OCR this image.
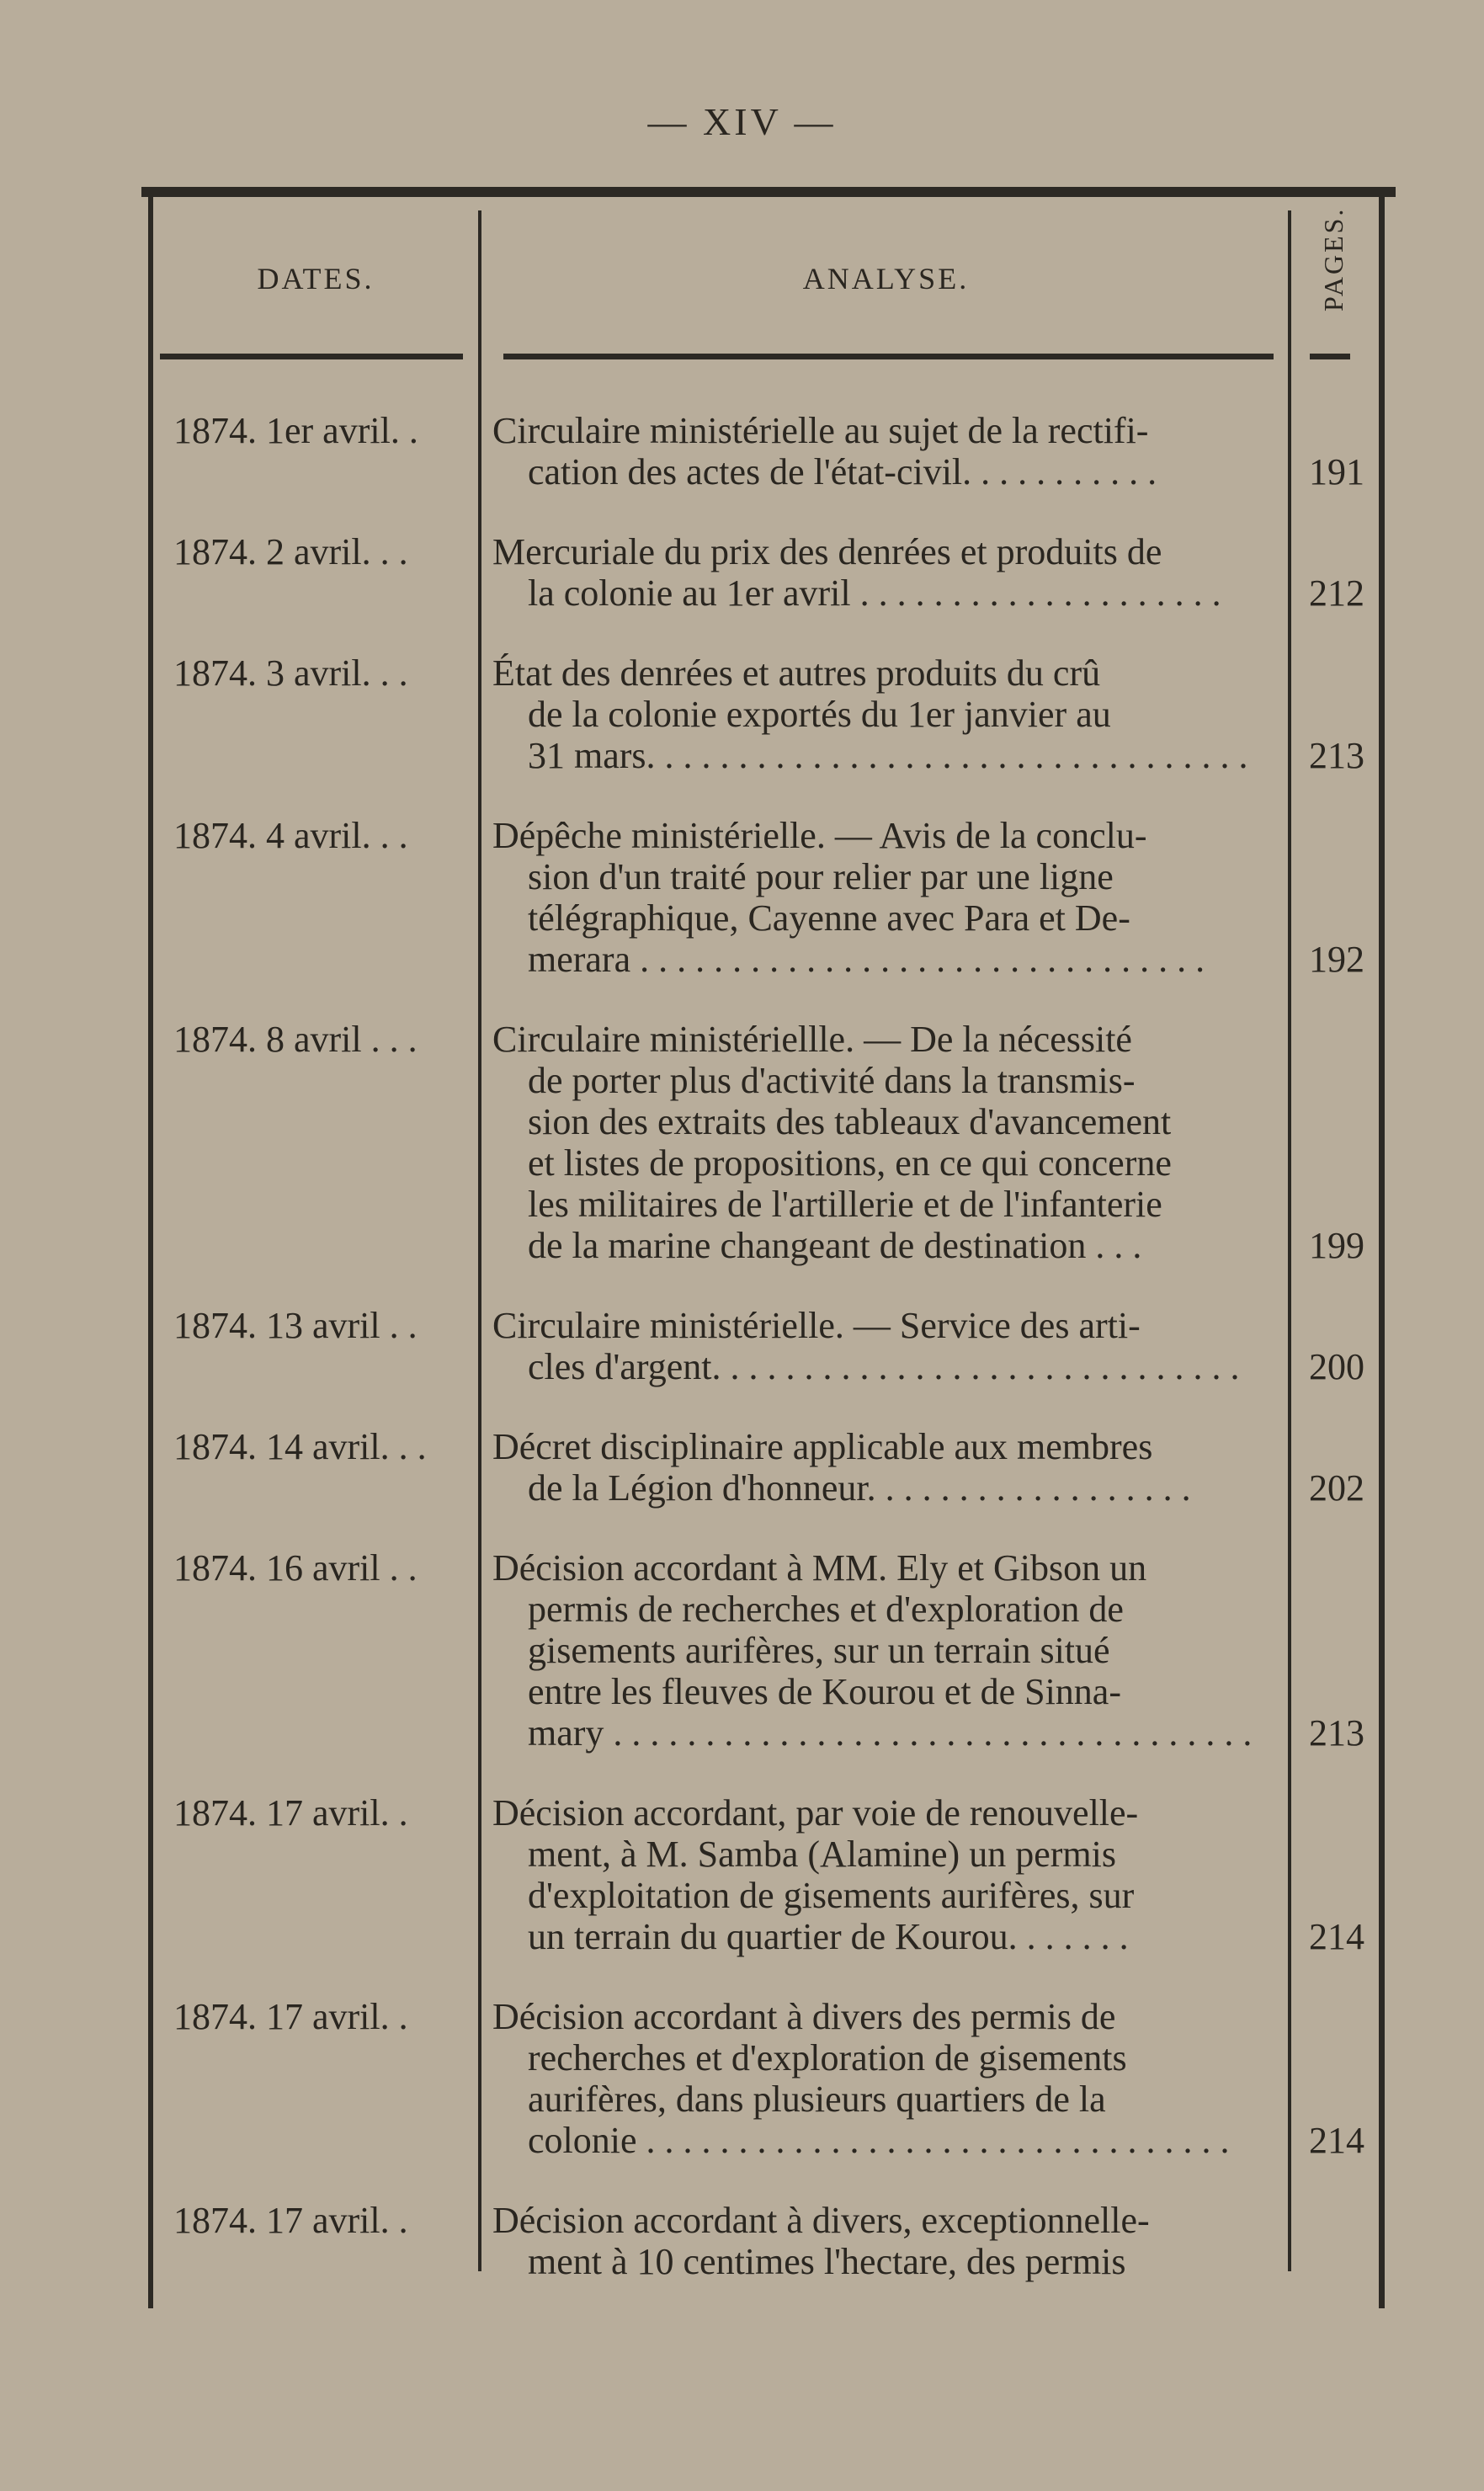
— XIV —
DATES.	ANALYSE.	PAGES.
1874. 1er avril. . Circulaire ministérielle au sujet de la rectifi-
cation des actes de l'état-civil. . . . . . . . . . .	191
1874. 2 avril. . . Mercuriale du prix des denrées et produits de
la colonie au 1er avril . . . . . . . . . . . . . . . . . . . .	212
1874. 3 avril. . . État des denrées et autres produits du crû
de la colonie exportés du 1er janvier au
31 mars. . . . . . . . . . . . . . . . . . . . . . . . . . . . . . . . .	213
1874. 4 avril. . . Dépêche ministérielle. — Avis de la conclu-
sion d'un traité pour relier par une ligne
télégraphique, Cayenne avec Para et De-
merara . . . . . . . . . . . . . . . . . . . . . . . . . . . . . . .	192
1874. 8 avril . . . Circulaire ministériellle. — De la nécessité
de porter plus d'activité dans la transmis-
sion des extraits des tableaux d'avancement
et listes de propositions, en ce qui concerne
les militaires de l'artillerie et de l'infanterie
de la marine changeant de destination . . .	199
1874. 13 avril . . Circulaire ministérielle. — Service des arti-
cles d'argent. . . . . . . . . . . . . . . . . . . . . . . . . . . . .	200
1874. 14 avril. . . Décret disciplinaire applicable aux membres
de la Légion d'honneur. . . . . . . . . . . . . . . . . .	202
1874. 16 avril . . Décision accordant à MM. Ely et Gibson un
permis de recherches et d'exploration de
gisements aurifères, sur un terrain situé
entre les fleuves de Kourou et de Sinna-
mary . . . . . . . . . . . . . . . . . . . . . . . . . . . . . . . . . . .	213
1874. 17 avril. . Décision accordant, par voie de renouvelle-
ment, à M. Samba (Alamine) un permis
d'exploitation de gisements aurifères, sur
un terrain du quartier de Kourou. . . . . . .	214
1874. 17 avril. . Décision accordant à divers des permis de
recherches et d'exploration de gisements
aurifères, dans plusieurs quartiers de la
colonie . . . . . . . . . . . . . . . . . . . . . . . . . . . . . . . .	214
1874. 17 avril. . Décision accordant à divers, exceptionnelle-
ment à 10 centimes l'hectare, des permis
